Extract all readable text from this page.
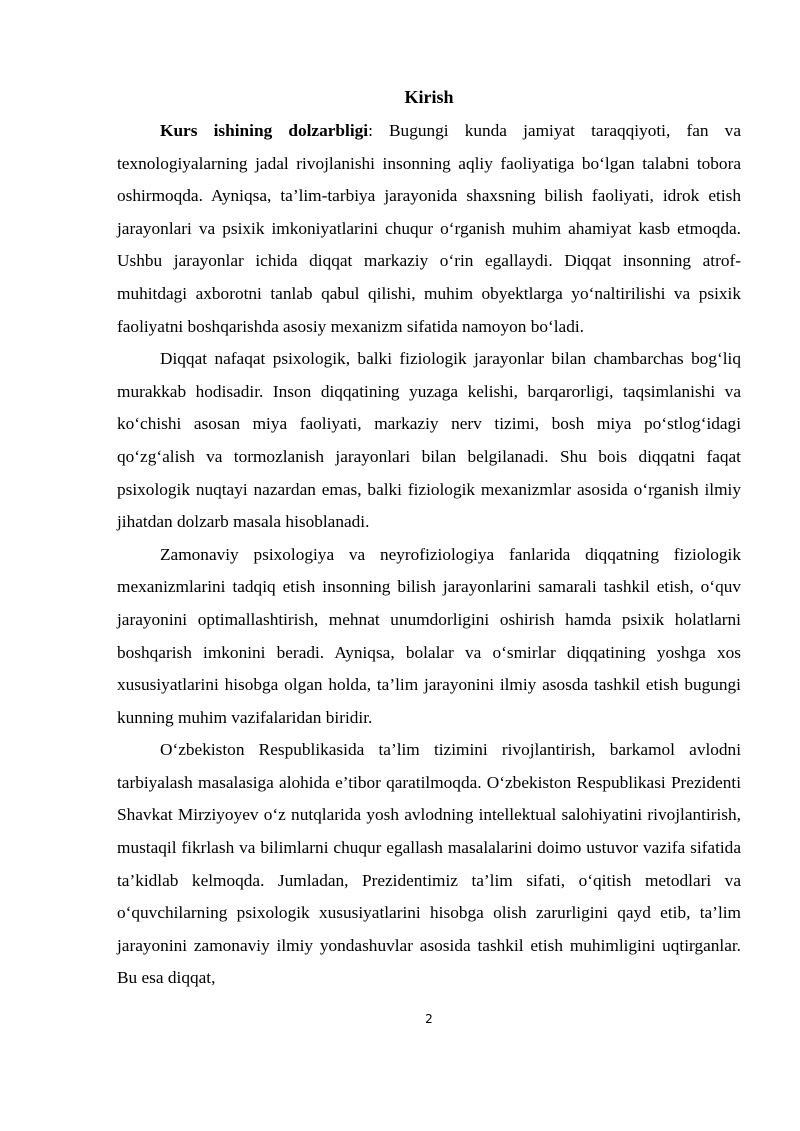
Kirish

Kurs ishining dolzarbligi: Bugungi kunda jamiyat taraqqiyoti, fan va texnologiyalarning jadal rivojlanishi insonning aqliy faoliyatiga bo‘lgan talabni tobora oshirmoqda. Ayniqsa, ta’lim-tarbiya jarayonida shaxsning bilish faoliyati, idrok etish jarayonlari va psixik imkoniyatlarini chuqur o‘rganish muhim ahamiyat kasb etmoqda. Ushbu jarayonlar ichida diqqat markaziy o‘rin egallaydi. Diqqat insonning atrof-muhitdagi axborotni tanlab qabul qilishi, muhim obyektlarga yo‘naltirilishi va psixik faoliyatni boshqarishda asosiy mexanizm sifatida namoyon bo‘ladi.

Diqqat nafaqat psixologik, balki fiziologik jarayonlar bilan chambarchas bog‘liq murakkab hodisadir. Inson diqqatining yuzaga kelishi, barqarorligi, taqsimlanishi va ko‘chishi asosan miya faoliyati, markaziy nerv tizimi, bosh miya po‘stlog‘idagi qo‘zg‘alish va tormozlanish jarayonlari bilan belgilanadi. Shu bois diqqatni faqat psixologik nuqtayi nazardan emas, balki fiziologik mexanizmlar asosida o‘rganish ilmiy jihatdan dolzarb masala hisoblanadi.

Zamonaviy psixologiya va neyrofiziologiya fanlarida diqqatning fiziologik mexanizmlarini tadqiq etish insonning bilish jarayonlarini samarali tashkil etish, o‘quv jarayonini optimallashtirish, mehnat unumdorligini oshirish hamda psixik holatlarni boshqarish imkonini beradi. Ayniqsa, bolalar va o‘smirlar diqqatining yoshga xos xususiyatlarini hisobga olgan holda, ta’lim jarayonini ilmiy asosda tashkil etish bugungi kunning muhim vazifalaridan biridir.

O‘zbekiston Respublikasida ta’lim tizimini rivojlantirish, barkamol avlodni tarbiyalash masalasiga alohida e’tibor qaratilmoqda. O‘zbekiston Respublikasi Prezidenti Shavkat Mirziyoyev o‘z nutqlarida yosh avlodning intellektual salohiyatini rivojlantirish, mustaqil fikrlash va bilimlarni chuqur egallash masalalarini doimo ustuvor vazifa sifatida ta’kidlab kelmoqda. Jumladan, Prezidentimiz ta’lim sifati, o‘qitish metodlari va o‘quvchilarning psixologik xususiyatlarini hisobga olish zarurligini qayd etib, ta’lim jarayonini zamonaviy ilmiy yondashuvlar asosida tashkil etish muhimligini uqtirganlar. Bu esa diqqat,

2
